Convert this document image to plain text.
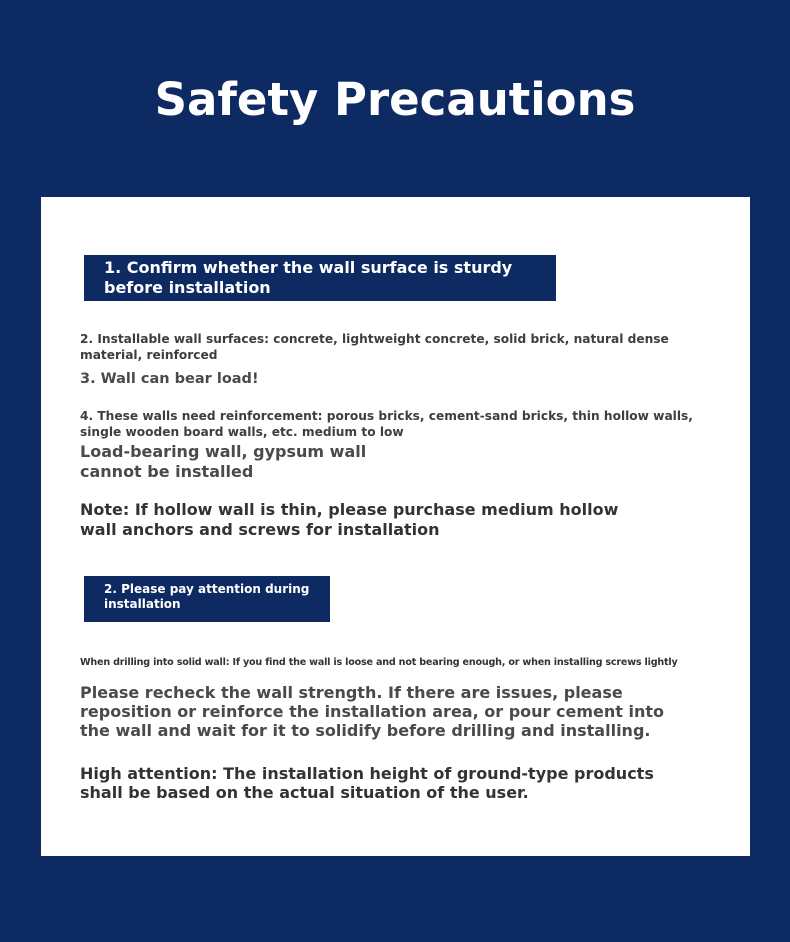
Safety Precautions
1. Confirm whether the wall surface is sturdy before installation

2. Installable wall surfaces: concrete, lightweight concrete, solid brick, natural dense material, reinforced

3. Wall can bear load!

4. These walls need reinforcement: porous bricks, cement-sand bricks, thin hollow walls, single wooden board walls, etc. medium to low

Load-bearing wall, gypsum wall cannot be installed

Note: If hollow wall is thin, please purchase medium hollow wall anchors and screws for installation

2. Please pay attention during installation

When drilling into solid wall: If you find the wall is loose and not bearing enough, or when installing screws lightly

Please recheck the wall strength. If there are issues, please reposition or reinforce the installation area, or pour cement into the wall and wait for it to solidify before drilling and installing.

High attention: The installation height of ground-type products shall be based on the actual situation of the user.
